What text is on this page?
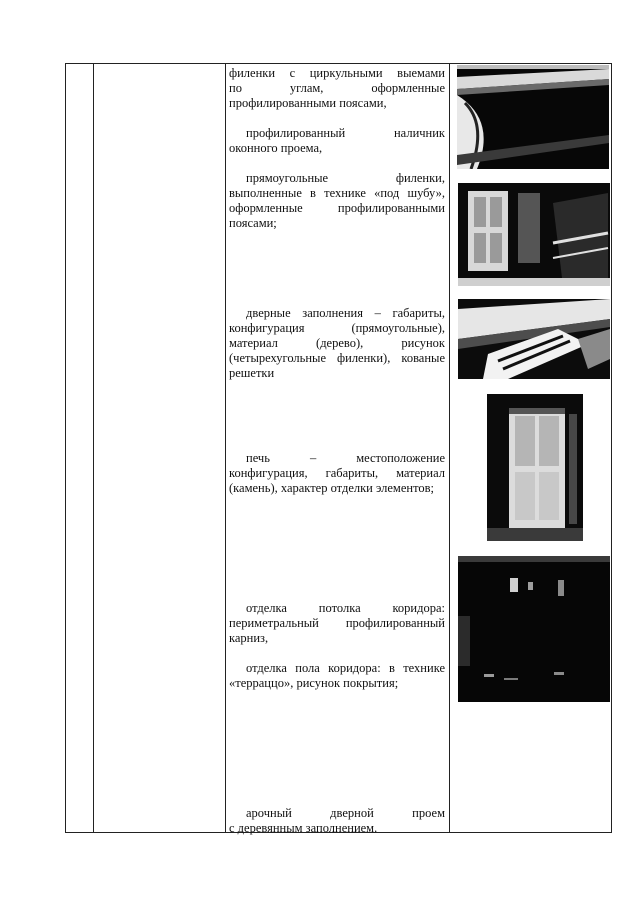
филенки с циркульными выемами
по углам, оформленные
профилированными поясами,
профилированный наличник
оконного проема,
прямоугольные филенки,
выполненные в технике «под шубу»,
оформленные профилированными
поясами;
дверные заполнения – габариты,
конфигурация (прямоугольные),
материал (дерево), рисунок
(четырехугольные филенки), кованые
решетки
печь – местоположение
конфигурация, габариты, материал
(камень), характер отделки элементов;
отделка потолка коридора:
периметральный профилированный
карниз,
отделка пола коридора: в технике
«терраццо», рисунок покрытия;
арочный дверной проем
с деревянным заполнением.
